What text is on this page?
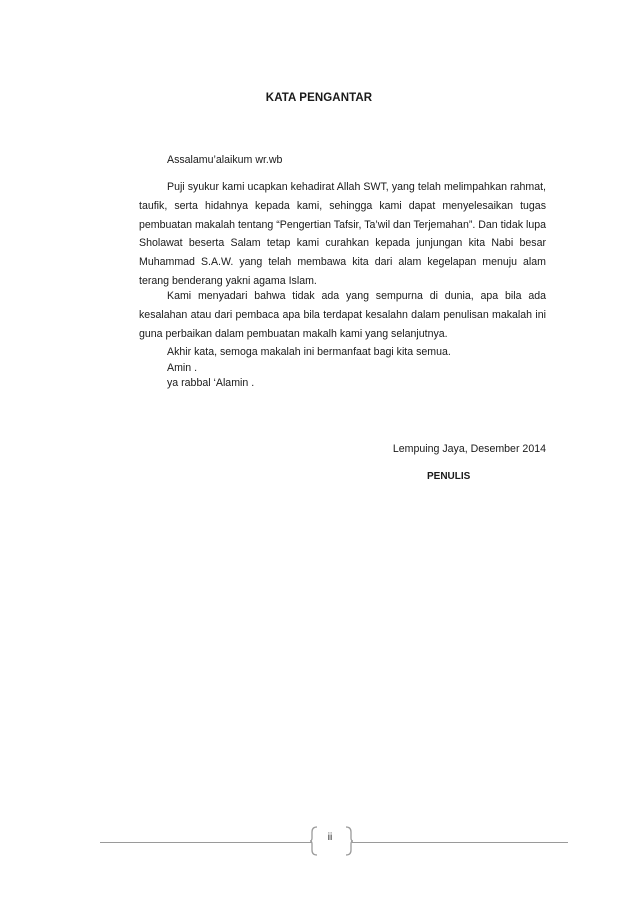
KATA PENGANTAR

Assalamu’alaikum wr.wb

Puji syukur kami ucapkan kehadirat Allah SWT, yang telah melimpahkan rahmat, taufik, serta hidahnya kepada kami, sehingga kami dapat menyelesaikan tugas pembuatan makalah tentang “Pengertian Tafsir, Ta’wil dan Terjemahan”. Dan tidak lupa Sholawat beserta Salam tetap kami curahkan kepada junjungan kita Nabi besar Muhammad S.A.W. yang telah membawa kita dari alam kegelapan menuju alam terang benderang yakni agama Islam.

Kami menyadari bahwa tidak ada yang sempurna di dunia, apa bila ada kesalahan atau dari pembaca apa bila terdapat kesalahn dalam penulisan makalah ini guna perbaikan dalam pembuatan makalh kami yang selanjutnya.

Akhir kata, semoga makalah ini bermanfaat bagi kita semua.

Amin .

ya rabbal ‘Alamin .

Lempuing Jaya, Desember 2014

PENULIS

ii
